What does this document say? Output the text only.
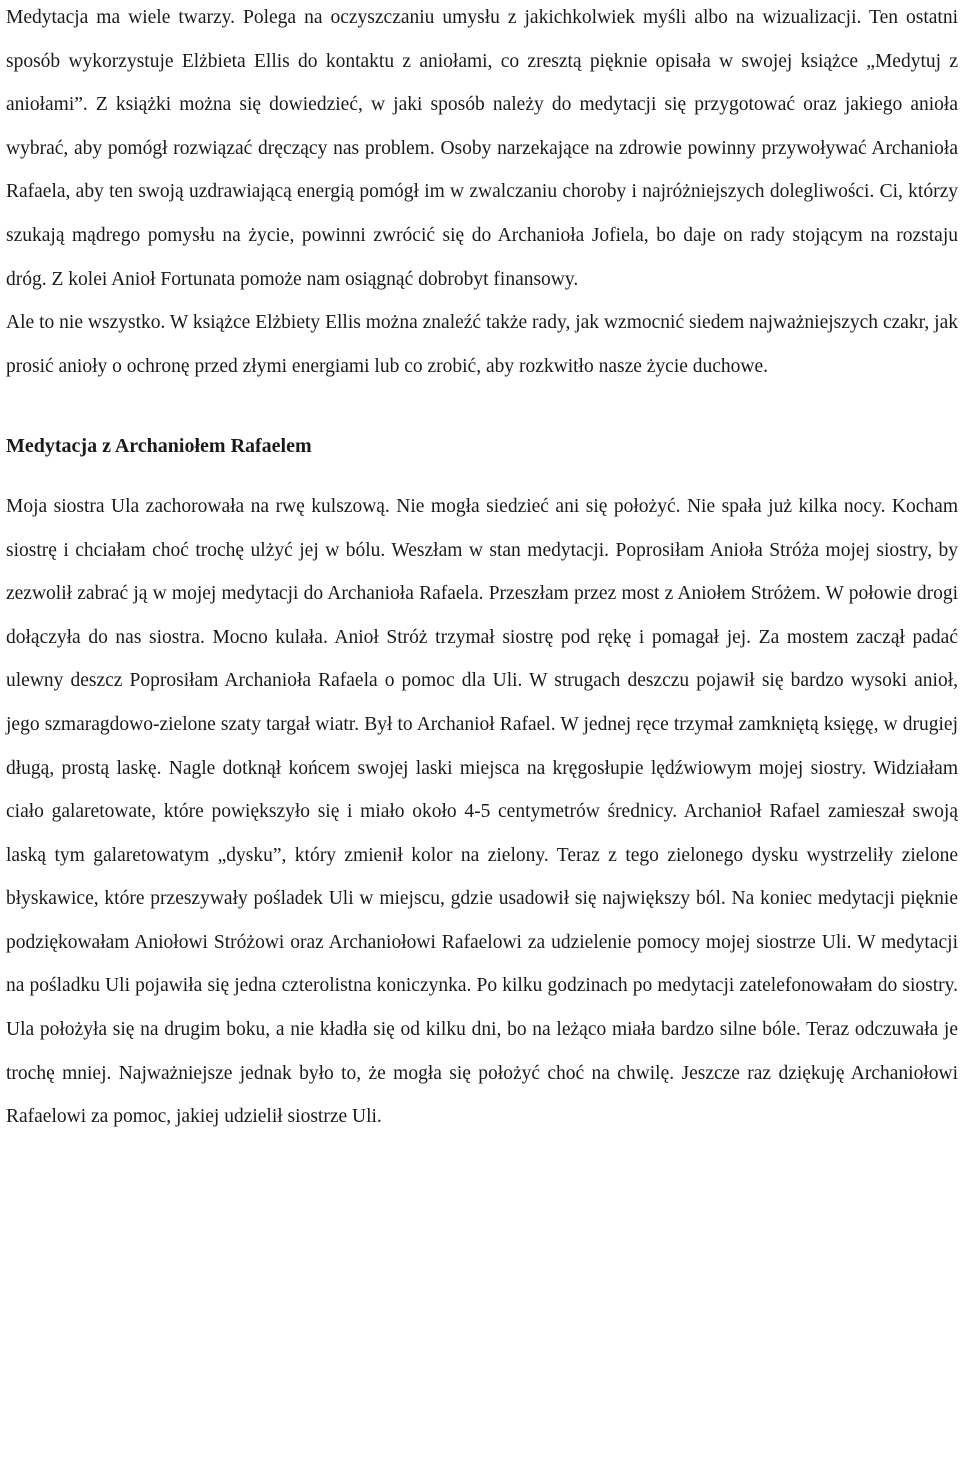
Medytacja ma wiele twarzy. Polega na oczyszczaniu umysłu z jakichkolwiek myśli albo na wizualizacji. Ten ostatni sposób wykorzystuje Elżbieta Ellis do kontaktu z aniołami, co zresztą pięknie opisała w swojej książce „Medytuj z aniołami”. Z książki można się dowiedzieć, w jaki sposób należy do medytacji się przygotować oraz jakiego anioła wybrać, aby pomógł rozwiązać dręczący nas problem. Osoby narzekające na zdrowie powinny przywoływać Archanioła Rafaela, aby ten swoją uzdrawiającą energią pomógł im w zwalczaniu choroby i najróżniejszych dolegliwości. Ci, którzy szukają mądrego pomysłu na życie, powinni zwrócić się do Archanioła Jofiela, bo daje on rady stojącym na rozstaju dróg. Z kolei Anioł Fortunata pomoże nam osiągnąć dobrobyt finansowy.

Ale to nie wszystko. W książce Elżbiety Ellis można znaleźć także rady, jak wzmocnić siedem najważniejszych czakr, jak prosić anioły o ochronę przed złymi energiami lub co zrobić, aby rozkwitło nasze życie duchowe.

Medytacja z Archaniołem Rafaelem

Moja siostra Ula zachorowała na rwę kulszową. Nie mogła siedzieć ani się położyć. Nie spała już kilka nocy. Kocham siostrę i chciałam choć trochę ulżyć jej w bólu. Weszłam w stan medytacji. Poprosiłam Anioła Stróża mojej siostry, by zezwolił zabrać ją w mojej medytacji do Archanioła Rafaela. Przeszłam przez most z Aniołem Stróżem. W połowie drogi dołączyła do nas siostra. Mocno kulała. Anioł Stróż trzymał siostrę pod rękę i pomagał jej. Za mostem zaczął padać ulewny deszcz Poprosiłam Archanioła Rafaela o pomoc dla Uli. W strugach deszczu pojawił się bardzo wysoki anioł, jego szmaragdowo-zielone szaty targał wiatr. Był to Archanioł Rafael. W jednej ręce trzymał zamkniętą księgę, w drugiej długą, prostą laskę. Nagle dotknął końcem swojej laski miejsca na kręgosłupie lędźwiowym mojej siostry. Widziałam ciało galaretowate, które powiększyło się i miało około 4-5 centymetrów średnicy. Archanioł Rafael zamieszał swoją laską tym galaretowatym „dysku”, który zmienił kolor na zielony. Teraz z tego zielonego dysku wystrzeliły zielone błyskawice, które przeszywały pośladek Uli w miejscu, gdzie usadowił się największy ból. Na koniec medytacji pięknie podziękowałam Aniołowi Stróżowi oraz Archaniołowi Rafaelowi za udzielenie pomocy mojej siostrze Uli. W medytacji na pośladku Uli pojawiła się jedna czterolistna koniczynka. Po kilku godzinach po medytacji zatelefonowałam do siostry. Ula położyła się na drugim boku, a nie kładła się od kilku dni, bo na leżąco miała bardzo silne bóle. Teraz odczuwała je trochę mniej. Najważniejsze jednak było to, że mogła się położyć choć na chwilę. Jeszcze raz dziękuję Archaniołowi Rafaelowi za pomoc, jakiej udzielił siostrze Uli.
